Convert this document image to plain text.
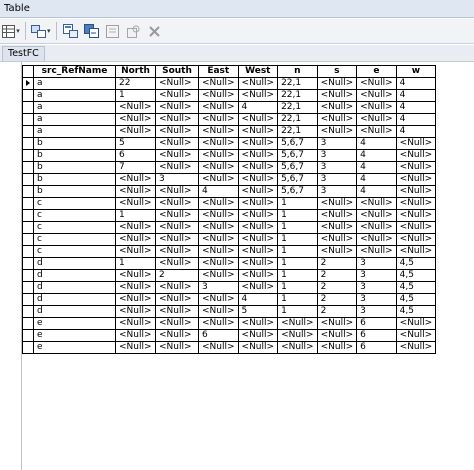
Table
▾	▾
TestFC
	src_RefName	North	South	East	West	n	s	e	w
	a	22	<Null>	<Null>	<Null>	22,1	<Null>	<Null>	4
	a	1	<Null>	<Null>	<Null>	22,1	<Null>	<Null>	4
	a	<Null>	<Null>	<Null>	4	22,1	<Null>	<Null>	4
	a	<Null>	<Null>	<Null>	<Null>	22,1	<Null>	<Null>	4
	a	<Null>	<Null>	<Null>	<Null>	22,1	<Null>	<Null>	4
	b	5	<Null>	<Null>	<Null>	5,6,7	3	4	<Null>
	b	6	<Null>	<Null>	<Null>	5,6,7	3	4	<Null>
	b	7	<Null>	<Null>	<Null>	5,6,7	3	4	<Null>
	b	<Null>	3	<Null>	<Null>	5,6,7	3	4	<Null>
	b	<Null>	<Null>	4	<Null>	5,6,7	3	4	<Null>
	c	<Null>	<Null>	<Null>	<Null>	1	<Null>	<Null>	<Null>
	c	1	<Null>	<Null>	<Null>	1	<Null>	<Null>	<Null>
	c	<Null>	<Null>	<Null>	<Null>	1	<Null>	<Null>	<Null>
	c	<Null>	<Null>	<Null>	<Null>	1	<Null>	<Null>	<Null>
	c	<Null>	<Null>	<Null>	<Null>	1	<Null>	<Null>	<Null>
	d	1	<Null>	<Null>	<Null>	1	2	3	4,5
	d	<Null>	2	<Null>	<Null>	1	2	3	4,5
	d	<Null>	<Null>	3	<Null>	1	2	3	4,5
	d	<Null>	<Null>	<Null>	4	1	2	3	4,5
	d	<Null>	<Null>	<Null>	5	1	2	3	4,5
	e	<Null>	<Null>	<Null>	<Null>	<Null>	<Null>	6	<Null>
	e	<Null>	<Null>	6	<Null>	<Null>	<Null>	6	<Null>
	e	<Null>	<Null>	<Null>	<Null>	<Null>	<Null>	6	<Null>
